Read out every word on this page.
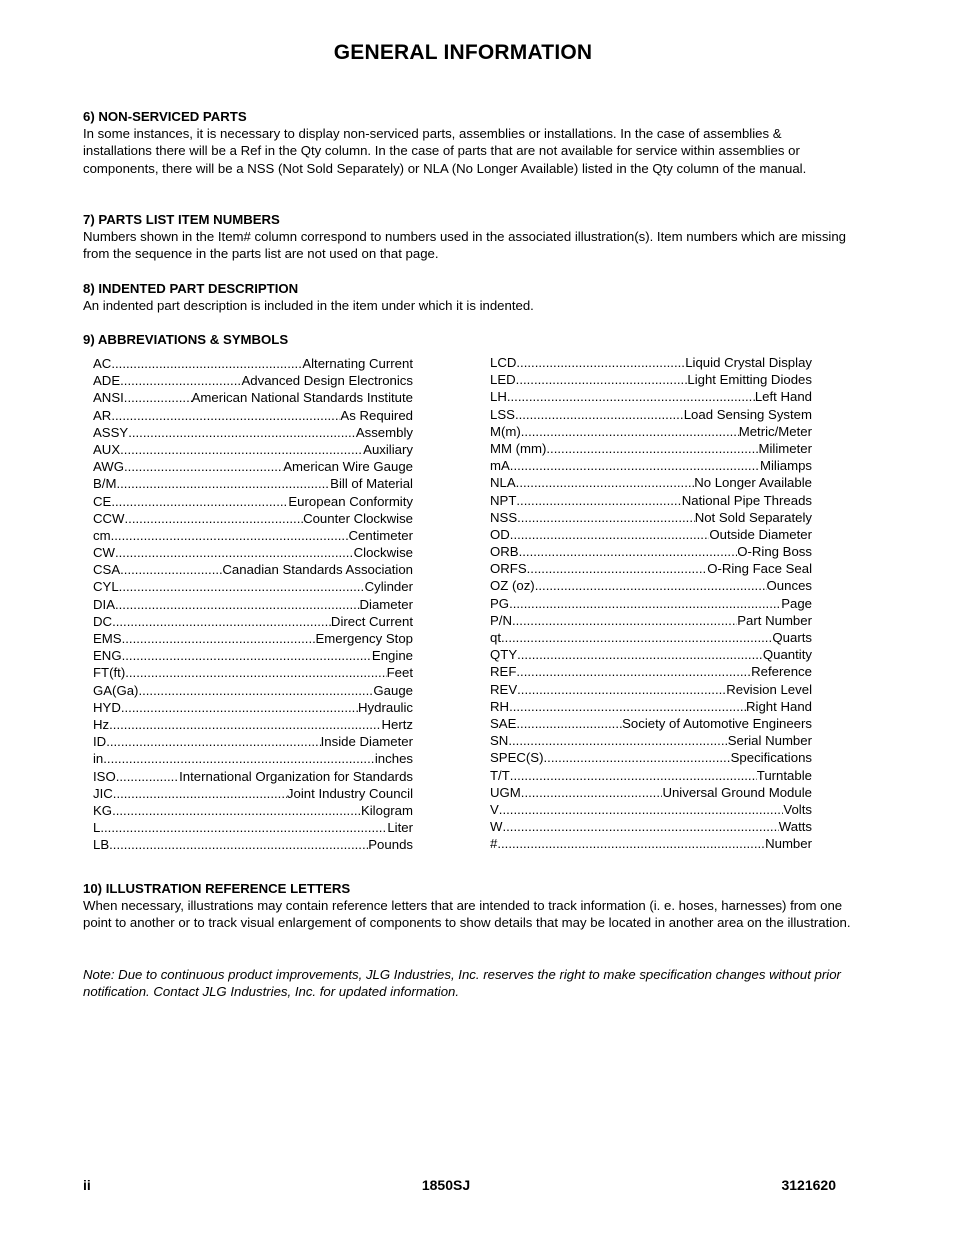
GENERAL INFORMATION
6) NON-SERVICED PARTS

In some instances, it is necessary to display non-serviced parts, assemblies or installations. In the case of assemblies & installations there will be a Ref in the Qty column. In the case of parts that are not available for service within assemblies or components, there will be a NSS (Not Sold Separately) or NLA (No Longer Available) listed in the Qty column of the manual.

7) PARTS LIST ITEM NUMBERS

Numbers shown in the Item# column correspond to numbers used in the associated illustration(s). Item numbers which are missing from the sequence in the parts list are not used on that page.

8) INDENTED PART DESCRIPTION

An indented part description is included in the item under which it is indented.

9) ABBREVIATIONS & SYMBOLS
AC .....	Alternating Current
ADE .....	Advanced Design Electronics
ANSI .....	American National Standards Institute
AR .....	As Required
ASSY .....	Assembly
AUX .....	Auxiliary
AWG .....	American Wire Gauge
B/M .....	Bill of Material
CE .....	European Conformity
CCW .....	Counter Clockwise
cm .....	Centimeter
CW .....	Clockwise
CSA .....	Canadian Standards Association
CYL .....	Cylinder
DIA .....	Diameter
DC .....	Direct Current
EMS .....	Emergency Stop
ENG .....	Engine
FT(ft) .....	Feet
GA(Ga) .....	Gauge
HYD .....	Hydraulic
Hz .....	Hertz
ID .....	Inside Diameter
in .....	inches
ISO .....	International Organization for Standards
JIC .....	Joint Industry Council
KG .....	Kilogram
L .....	Liter
LB .....	Pounds
LCD .....	Liquid Crystal Display
LED .....	Light Emitting Diodes
LH .....	Left Hand
LSS .....	Load Sensing System
M(m) .....	Metric/Meter
MM (mm) .....	Milimeter
mA .....	Miliamps
NLA .....	No Longer Available
NPT .....	National Pipe Threads
NSS .....	Not Sold Separately
OD .....	Outside Diameter
ORB .....	O-Ring Boss
ORFS .....	O-Ring Face Seal
OZ (oz) .....	Ounces
PG .....	Page
P/N .....	Part Number
qt .....	Quarts
QTY .....	Quantity
REF .....	Reference
REV .....	Revision Level
RH .....	Right Hand
SAE .....	Society of Automotive Engineers
SN .....	Serial Number
SPEC(S) .....	Specifications
T/T .....	Turntable
UGM .....	Universal Ground Module
V .....	Volts
W .....	Watts
# .....	Number
10) ILLUSTRATION REFERENCE LETTERS

When necessary, illustrations may contain reference letters that are intended to track information (i. e. hoses, harnesses) from one point to another or to track visual enlargement of components to show details that may be located in another area on the illustration.

Note: Due to continuous product improvements, JLG Industries, Inc. reserves the right to make specification changes without prior notification. Contact JLG Industries, Inc. for updated information.

ii	1850SJ	3121620
